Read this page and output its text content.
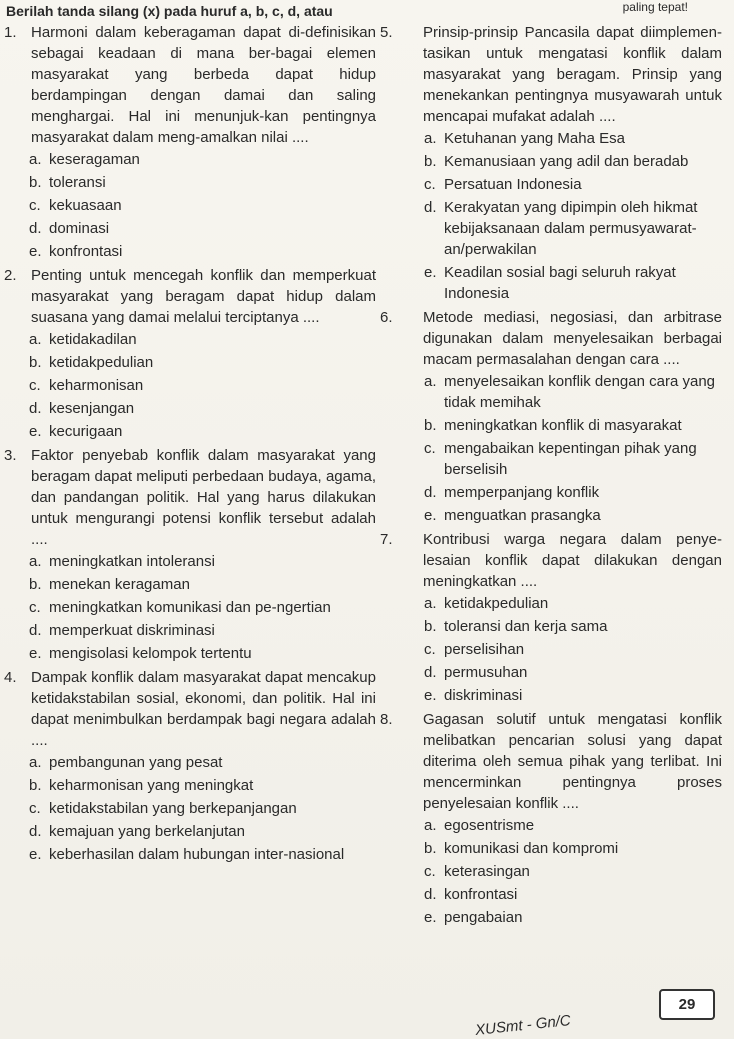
Berilah tanda silang (x) pada huruf a, b, c, d, atau	paling tepat!
1. Harmoni dalam keberagaman dapat di-definisikan sebagai keadaan di mana ber-bagai elemen masyarakat yang berbeda dapat hidup berdampingan dengan damai dan saling menghargai. Hal ini menunjuk-kan pentingnya masyarakat dalam meng-amalkan nilai ....
a. keseragaman
b. toleransi
c. kekuasaan
d. dominasi
e. konfrontasi
2. Penting untuk mencegah konflik dan memperkuat masyarakat yang beragam dapat hidup dalam suasana yang damai melalui terciptanya ....
a. ketidakadilan
b. ketidakpedulian
c. keharmonisan
d. kesenjangan
e. kecurigaan
3. Faktor penyebab konflik dalam masyarakat yang beragam dapat meliputi perbedaan budaya, agama, dan pandangan politik. Hal yang harus dilakukan untuk mengurangi potensi konflik tersebut adalah ....
a. meningkatkan intoleransi
b. menekan keragaman
c. meningkatkan komunikasi dan pe-ngertian
d. memperkuat diskriminasi
e. mengisolasi kelompok tertentu
4. Dampak konflik dalam masyarakat dapat mencakup ketidakstabilan sosial, ekonomi, dan politik. Hal ini dapat menimbulkan berdampak bagi negara adalah ....
a. pembangunan yang pesat
b. keharmonisan yang meningkat
c. ketidakstabilan yang berkepanjangan
d. kemajuan yang berkelanjutan
e. keberhasilan dalam hubungan inter-nasional
5.	Prinsip-prinsip Pancasila dapat diimplemen-tasikan untuk mengatasi konflik dalam masyarakat yang beragam. Prinsip yang menekankan pentingnya musyawarah untuk mencapai mufakat adalah ....
a. Ketuhanan yang Maha Esa
b. Kemanusiaan yang adil dan beradab
c. Persatuan Indonesia
d. Kerakyatan yang dipimpin oleh hikmat kebijaksanaan dalam permusyawarat-an/perwakilan
e. Keadilan sosial bagi seluruh rakyat Indonesia
6.	Metode mediasi, negosiasi, dan arbitrase digunakan dalam menyelesaikan berbagai macam permasalahan dengan cara ....
a. menyelesaikan konflik dengan cara yang tidak memihak
b. meningkatkan konflik di masyarakat
c. mengabaikan kepentingan pihak yang berselisih
d. memperpanjang konflik
e. menguatkan prasangka
7.	Kontribusi warga negara dalam penye-lesaian konflik dapat dilakukan dengan meningkatkan ....
a. ketidakpedulian
b. toleransi dan kerja sama
c. perselisihan
d. permusuhan
e. diskriminasi
8.	Gagasan solutif untuk mengatasi konflik melibatkan pencarian solusi yang dapat diterima oleh semua pihak yang terlibat. Ini mencerminkan pentingnya proses penyelesaian konflik ....
a. egosentrisme
b. komunikasi dan kompromi
c. keterasingan
d. konfrontasi
e. pengabaian
29
XUSmt - Gn/C
